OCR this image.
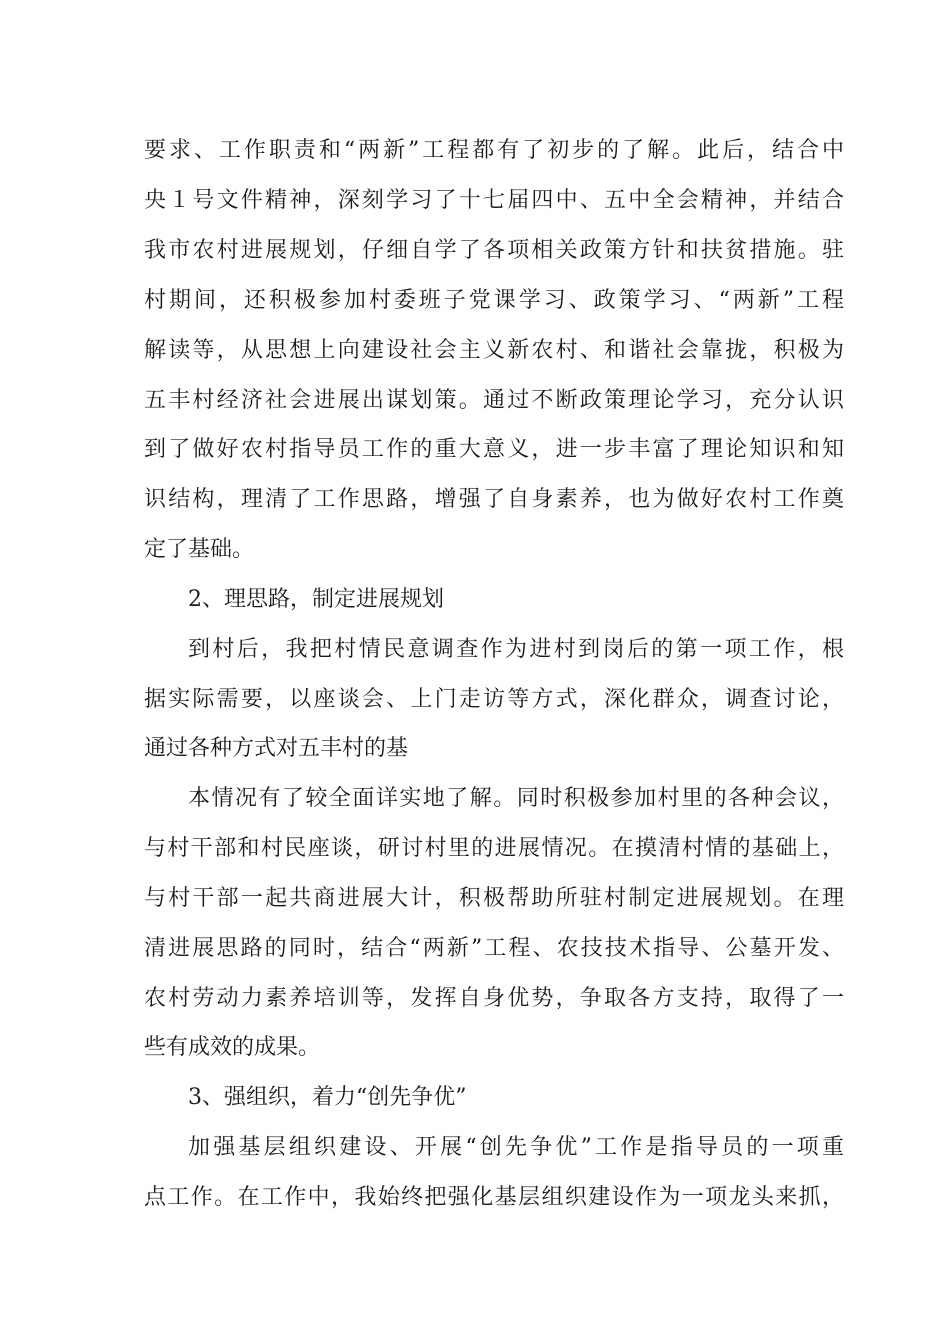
要求、工作职责和“两新”工程都有了初步的了解。此后，结合中
央１号文件精神，深刻学习了十七届四中、五中全会精神，并结合
我市农村进展规划，仔细自学了各项相关政策方针和扶贫措施。驻
村期间，还积极参加村委班子党课学习、政策学习、“两新”工程
解读等，从思想上向建设社会主义新农村、和谐社会靠拢，积极为
五丰村经济社会进展出谋划策。通过不断政策理论学习，充分认识
到了做好农村指导员工作的重大意义，进一步丰富了理论知识和知
识结构，理清了工作思路，增强了自身素养，也为做好农村工作奠
定了基础。
2、理思路，制定进展规划
到村后，我把村情民意调查作为进村到岗后的第一项工作，根
据实际需要，以座谈会、上门走访等方式，深化群众，调查讨论，
通过各种方式对五丰村的基
本情况有了较全面详实地了解。同时积极参加村里的各种会议，
与村干部和村民座谈，研讨村里的进展情况。在摸清村情的基础上，
与村干部一起共商进展大计，积极帮助所驻村制定进展规划。在理
清进展思路的同时，结合“两新”工程、农技技术指导、公墓开发、
农村劳动力素养培训等，发挥自身优势，争取各方支持，取得了一
些有成效的成果。
3、强组织，着力“创先争优”
加强基层组织建设、开展“创先争优”工作是指导员的一项重
点工作。在工作中，我始终把强化基层组织建设作为一项龙头来抓，
